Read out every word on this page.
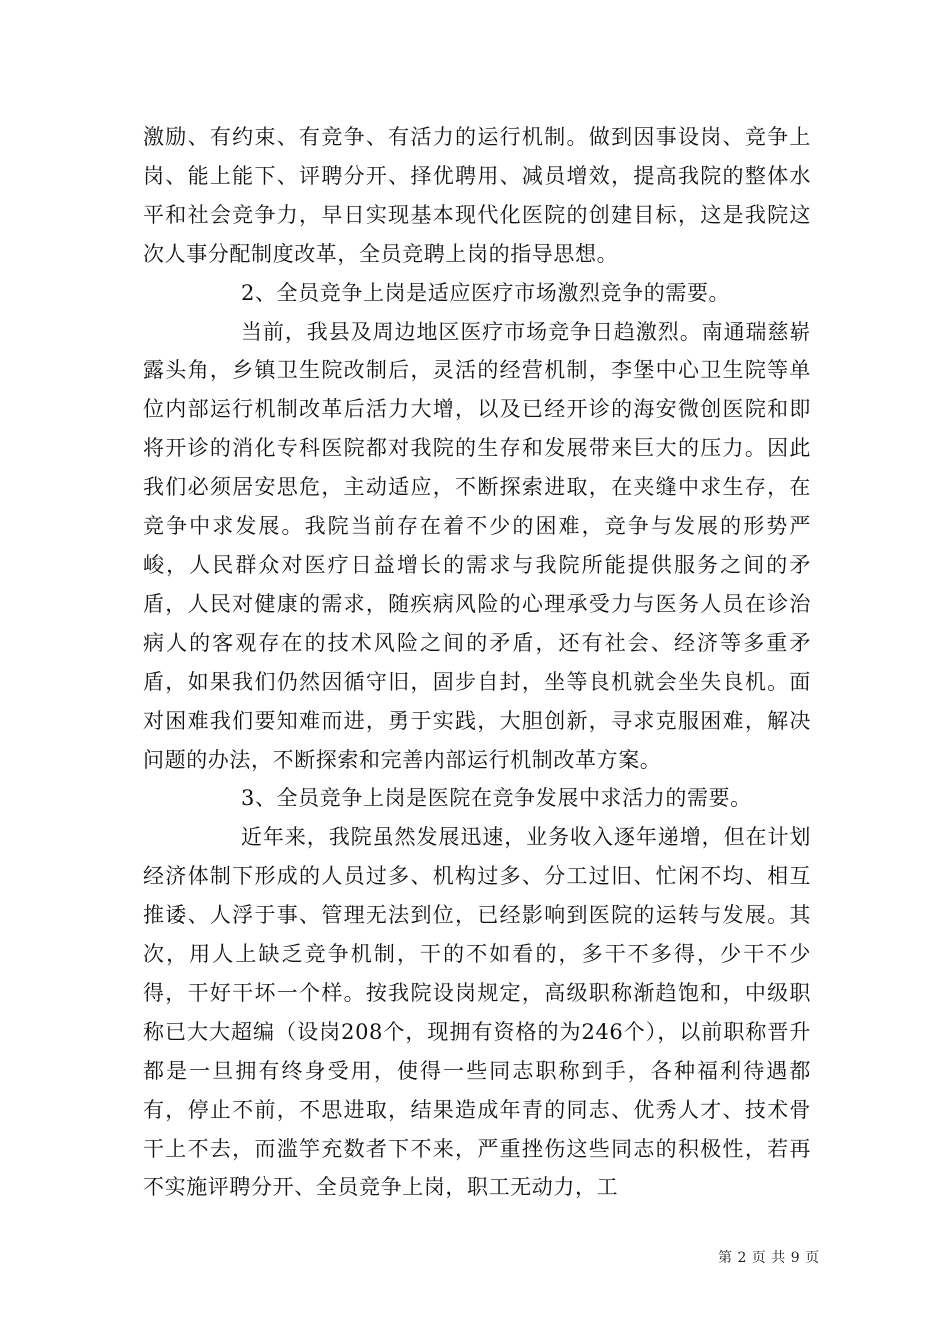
激励、有约束、有竞争、有活力的运行机制。做到因事设岗、竞争上岗、能上能下、评聘分开、择优聘用、减员增效，提高我院的整体水平和社会竞争力，早日实现基本现代化医院的创建目标，这是我院这次人事分配制度改革，全员竞聘上岗的指导思想。

2、全员竞争上岗是适应医疗市场激烈竞争的需要。

当前，我县及周边地区医疗市场竞争日趋激烈。南通瑞慈崭露头角，乡镇卫生院改制后，灵活的经营机制，李堡中心卫生院等单位内部运行机制改革后活力大增，以及已经开诊的海安微创医院和即将开诊的消化专科医院都对我院的生存和发展带来巨大的压力。因此我们必须居安思危，主动适应，不断探索进取，在夹缝中求生存，在竞争中求发展。我院当前存在着不少的困难，竞争与发展的形势严峻，人民群众对医疗日益增长的需求与我院所能提供服务之间的矛盾，人民对健康的需求，随疾病风险的心理承受力与医务人员在诊治病人的客观存在的技术风险之间的矛盾，还有社会、经济等多重矛盾，如果我们仍然因循守旧，固步自封，坐等良机就会坐失良机。面对困难我们要知难而进，勇于实践，大胆创新，寻求克服困难，解决问题的办法，不断探索和完善内部运行机制改革方案。

3、全员竞争上岗是医院在竞争发展中求活力的需要。

近年来，我院虽然发展迅速，业务收入逐年递增，但在计划经济体制下形成的人员过多、机构过多、分工过旧、忙闲不均、相互推诿、人浮于事、管理无法到位，已经影响到医院的运转与发展。其次，用人上缺乏竞争机制，干的不如看的，多干不多得，少干不少得，干好干坏一个样。按我院设岗规定，高级职称渐趋饱和，中级职称已大大超编（设岗208个，现拥有资格的为246个），以前职称晋升都是一旦拥有终身受用，使得一些同志职称到手，各种福利待遇都有，停止不前，不思进取，结果造成年青的同志、优秀人才、技术骨干上不去，而滥竽充数者下不来，严重挫伤这些同志的积极性，若再不实施评聘分开、全员竞争上岗，职工无动力，工

第 2 页 共 9 页
